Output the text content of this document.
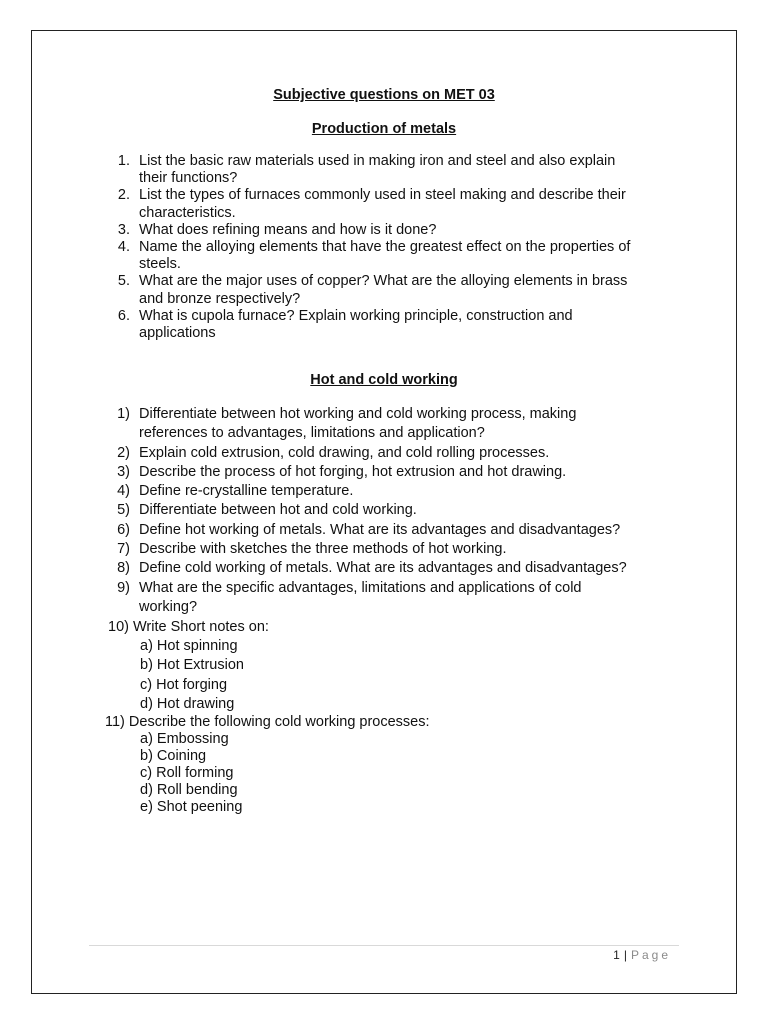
Subjective questions on MET 03
Production of metals
1. List the basic raw materials used in making iron and steel and also explain
their functions?
2. List the types of furnaces commonly used in steel making and describe their
characteristics.
3. What does refining means and how is it done?
4. Name the alloying elements that have the greatest effect on the properties of
steels.
5. What are the major uses of copper? What are the alloying elements in brass
and bronze respectively?
6. What is cupola furnace? Explain working principle, construction and
applications
Hot and cold working
1) Differentiate between hot working and cold working process, making
references to advantages, limitations and application?
2) Explain cold extrusion, cold drawing, and cold rolling processes.
3) Describe the process of hot forging, hot extrusion and hot drawing.
4) Define re-crystalline temperature.
5) Differentiate between hot and cold working.
6) Define hot working of metals. What are its advantages and disadvantages?
7) Describe with sketches the three methods of hot working.
8) Define cold working of metals. What are its advantages and disadvantages?
9) What are the specific advantages, limitations and applications of cold
working?
10) Write Short notes on:
a) Hot spinning
b) Hot Extrusion
c) Hot forging
d) Hot drawing
11) Describe the following cold working processes:
a) Embossing
b) Coining
c) Roll forming
d) Roll bending
e) Shot peening
1 | Page
